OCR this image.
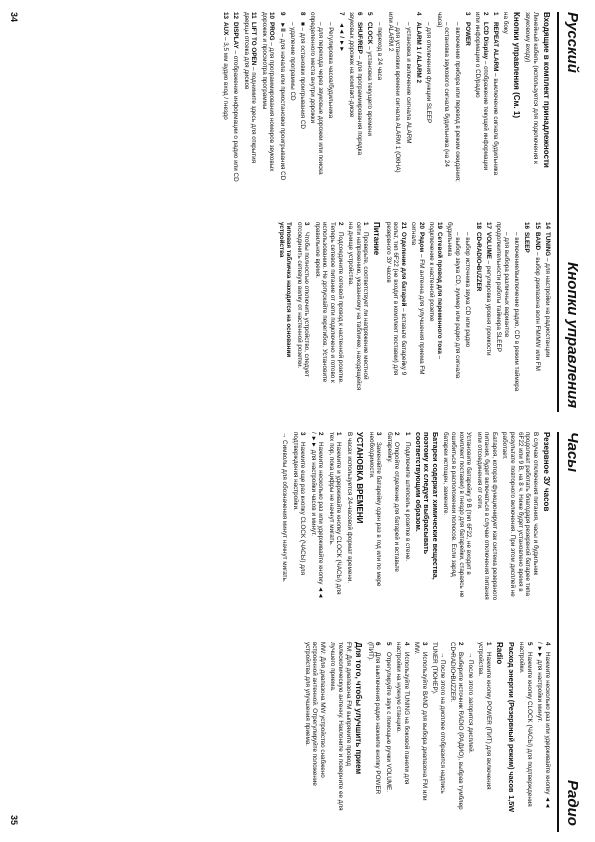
Русский
Кнопки управления
Часы
Радио

Входящие в комплект принадлежности

Линейный кабель (используется для подключения к звуковому входу)

Кнопки управления (См. 1)

на боку

1REPEAT ALARM – выключение сигнала будильника

2LCD Display – отображение текущей информации или информации о CD/радио

3POWER

– включение прибора или перевод в режим ожидания;

– остановка звукового сигнала будильника (на 24 часа)

– для отключения функции SLEEP

4ALARM 1 / ALARM 2

– установка и включение сигнала ALARM

– для установки времени сигнала ALARM 1 (ОКНА) или ALARM 2

– переход в 24 часа

5CLOCK – установка текущего времени

6SHUF/REP – для программирования порядка звуковых дорожек на компакт-диске

7◄◄ / ►►

– Регулировка часов/будильника

– для перехода через звуковые дорожки или поиска определенного места внутри дорожки

8■ – для остановки проигрывания CD

– удаление программы CD

9►II – для начала или приостановки проигрывания CD

10PROG – для программирования номеров звуковых дорожек и просмотра программы

11LIFT TO OPEN – поднимите здесь для открытия дверцы отсека для дисков

12DISPLAY – отображение информации о радио или CD

13AUX – 3,5 мм аудио вход / гнездо

14TUNING – для настройки на радиостанции

15BAND – выбор диапазона волн FM/MW или FM

16SLEEP

– включение/выключение радио, CD в режим таймера

– для выбора различных вариантов продолжительности работы таймера SLEEP

17VOLUME – регулировка уровня громкости

18CD•RADIO•BUZZER

– выбор источника звука CD или радио

– выбор звука CD, зуммер или радио для сигнала будильника

19Сетевой провод для переменного тока – подключение к настенной розетке

20Рядом – FM антенна для улучшения приема FM сигнала

21Отделение для батарей – вставьте батарейку 9 вольт, тип 6F22 (не входит в комплект поставки) для резервного ЗУ часов

Питание

1Проверьте, соответствует ли напряжение местной сети напряжению, указанному на табличке, находящейся на днище устройства.

2Подсоедините сетевой провод к настенной розетке. Теперь сетевое питание от сети подключено и готово к использованию. Не допускайте перегибов. Установите правильное время.

3Чтобы полностью отключить устройство, следует отсоединить сетевую вилку от настенной розетки.

Типовая табличка находится на основании устройства

Резервное ЗУ часов

В случае отключения питания, часы и будильник продолжат работать благодаря резервной батарее типа 6F22 или 9 В, на 8 ч. Ниже будет установлено время в результате повторного включения. При этом дисплей не работает.

Батарея, которая функционирует как система резервного питания, будет включаться в случае отключения питания или отсоединения от сети.

Установите батарейку 9 В (тип 6F22, не входит в комплект поставки) в гнездо для батарейки, стараясь не ошибиться в расположении полюсов. Если заряд батареи истощен, замените.

Батареи содержат химические вещества, поэтому их следует выбрасывать соответствующим образом.

1Подключите штепсель к розетке в стене.

2Откройте отделение для батарей и вставьте батарейку.

3Заменяйте батарейку один раз в год или по мере необходимости.

УСТАНОВКА ВРЕМЕНИ

В часах используется 24-часовой формат времени.

1Нажмите и удерживайте кнопку CLOCK (ЧАСЫ) для тех пор, пока цифры не начнут мигать.

2Нажмите несколько раз или удерживайте кнопку ◄◄ / ►► для настройки часов и минут.

3Нажмите еще раз кнопку CLOCK (ЧАСЫ) для подтверждения настройки.

→ Символы для обозначения минут начнут мигать.

4Нажмите несколько раз или удерживайте кнопку ◄◄ / ►► для настройки минут.

5Нажмите кнопку CLOCK (ЧАСЫ) для подтверждения настройки.

Расход энергии (Резервный режим) часов
1,5W

Radio

1Нажмите кнопку POWER (ПИТ) для включения устройства.

→ После этого загорится дисплей.

2Выберите источник RADIO (РАДИО), выбрав тумблер CD•RADIO•BUZZER.

→ После этого на дисплее отобразится надпись TUNER (ТЮНЕР).

3Используйте BAND для выбора диапазона FM или MW.

4Используйте TUNING на боковой панели для настройки на нужную станцию.

5Отрегулируйте звук с помощью ручки VOLUME.

6Для выключения радио нажмите кнопку POWER (ПИТ).

Для того, чтобы улучшить прием

FM: Для диапазона FM выпрямите провод телескопическую антенну. Наклоните и поверните ее для лучшего приема.

MW: Для диапазона MW устройство снабжено встроенной антенной. Отрегулируйте положение устройства для улучшения приема.

34
35
